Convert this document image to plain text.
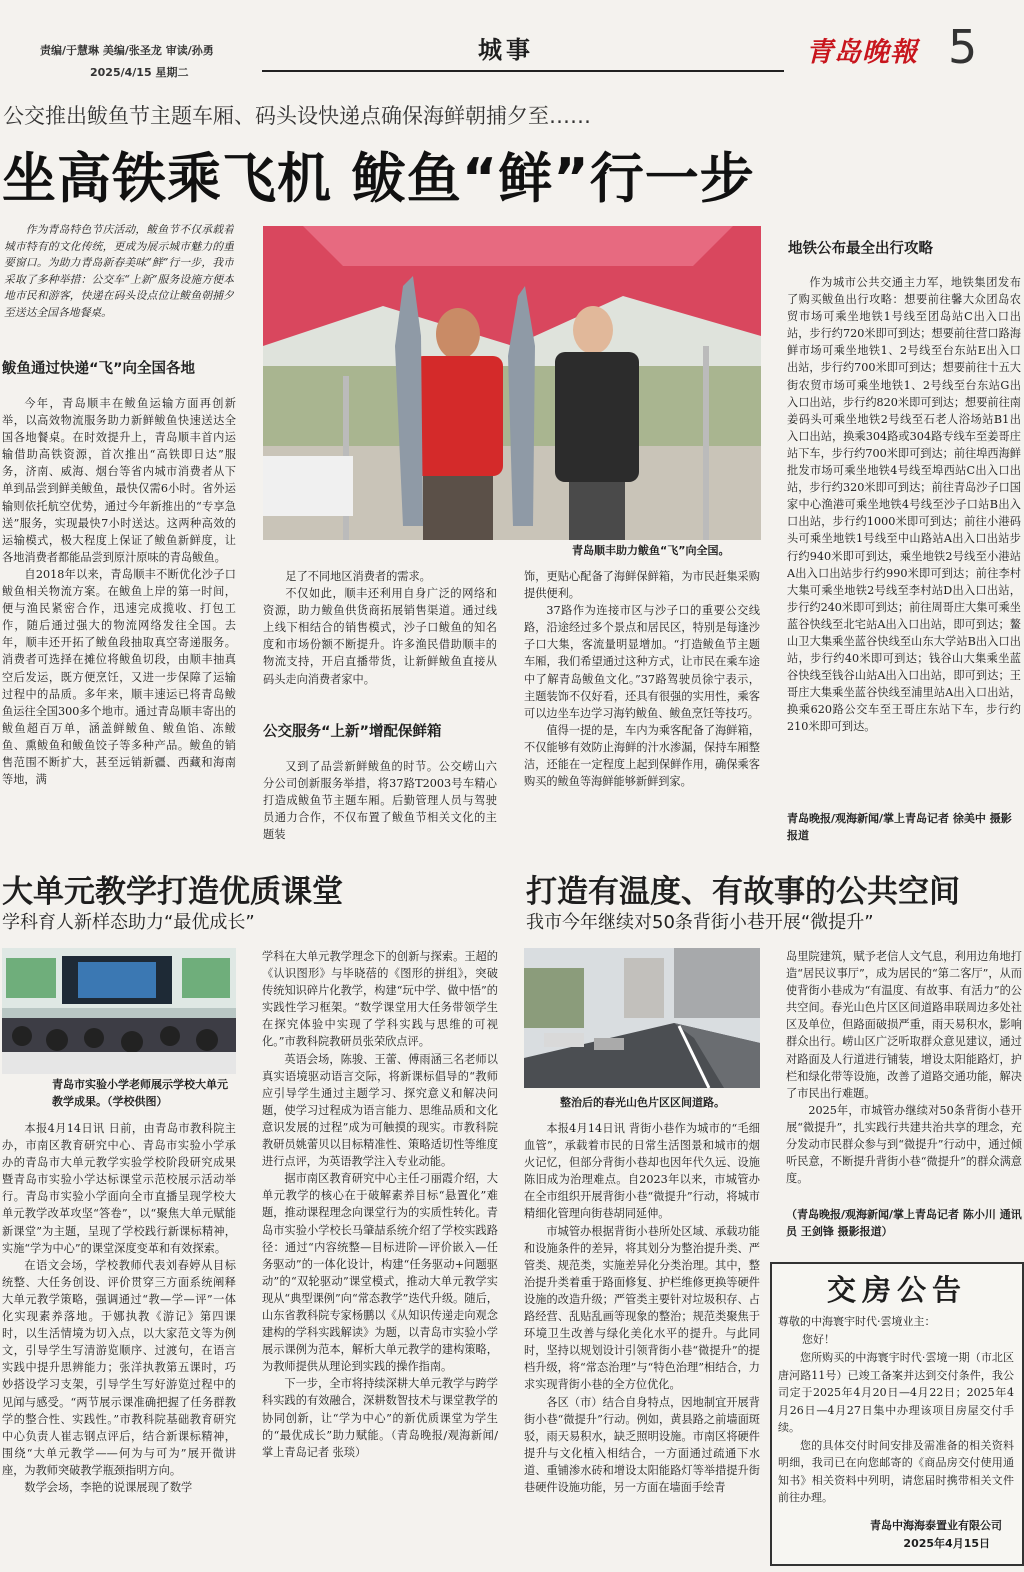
责编/于慧琳 美编/张圣龙 审读/孙勇
2025/4/15 星期二
城事	青岛晚報 5
公交推出鲅鱼节主题车厢、码头设快递点确保海鲜朝捕夕至……
坐高铁乘飞机 鲅鱼“鲜”行一步

作为青岛特色节庆活动，鲅鱼节不仅承载着城市特有的文化传统，更成为展示城市魅力的重要窗口。为助力青岛新春美味“鲜”行一步，我市采取了多种举措：公交车“上新”服务设施方便本地市民和游客，快递在码头设点位让鲅鱼朝捕夕至送达全国各地餐桌。

鲅鱼通过快递“飞”向全国各地

今年，青岛顺丰在鲅鱼运输方面再创新举，以高效物流服务助力新鲜鲅鱼快速送达全国各地餐桌。在时效提升上，青岛顺丰首内运输借助高铁资源，首次推出“高铁即日达”服务，济南、威海、烟台等省内城市消费者从下单到品尝到鲜美鲅鱼，最快仅需6小时。省外运输则依托航空优势，通过今年新推出的“专享急送”服务，实现最快7小时送达。这两种高效的运输模式，极大程度上保证了鲅鱼新鲜度，让各地消费者都能品尝到原汁原味的青岛鲅鱼。

自2018年以来，青岛顺丰不断优化沙子口鲅鱼相关物流方案。在鲅鱼上岸的第一时间，便与渔民紧密合作，迅速完成揽收、打包工作，随后通过强大的物流网络发往全国。去年，顺丰还开拓了鲅鱼段抽取真空寄递服务。消费者可选择在摊位将鲅鱼切段，由顺丰抽真空后发运，既方便烹饪，又进一步保障了运输过程中的品质。多年来，顺丰速运已将青岛鲅鱼运往全国300多个地市。通过青岛顺丰寄出的鲅鱼超百万单，涵盖鲜鲅鱼、鲅鱼馅、冻鲅鱼、熏鲅鱼和鲅鱼饺子等多种产品。鲅鱼的销售范围不断扩大，甚至远销新疆、西藏和海南等地，满

青岛顺丰助力鲅鱼“飞”向全国。

足了不同地区消费者的需求。

不仅如此，顺丰还利用自身广泛的网络和资源，助力鲅鱼供货商拓展销售渠道。通过线上线下相结合的销售模式，沙子口鲅鱼的知名度和市场份额不断提升。许多渔民借助顺丰的物流支持，开启直播带货，让新鲜鲅鱼直接从码头走向消费者家中。

公交服务“上新”增配保鲜箱

又到了品尝新鲜鲅鱼的时节。公交崂山六分公司创新服务举措，将37路T2003号车精心打造成鲅鱼节主题车厢。后勤管理人员与驾驶员通力合作，不仅布置了鲅鱼节相关文化的主题装

饰，更贴心配备了海鲜保鲜箱，为市民赶集采购提供便利。

37路作为连接市区与沙子口的重要公交线路，沿途经过多个景点和居民区，特别是每逢沙子口大集，客流量明显增加。“打造鲅鱼节主题车厢，我们希望通过这种方式，让市民在乘车途中了解青岛鲅鱼文化。”37路驾驶员徐宁表示，主题装饰不仅好看，还具有很强的实用性，乘客可以边坐车边学习海钓鲅鱼、鲅鱼烹饪等技巧。

值得一提的是，车内为乘客配备了海鲜箱，不仅能够有效防止海鲜的汁水渗漏，保持车厢整洁，还能在一定程度上起到保鲜作用，确保乘客购买的鲅鱼等海鲜能够新鲜到家。

地铁公布最全出行攻略

作为城市公共交通主力军，地铁集团发布了购买鲅鱼出行攻略：想要前往馨大众团岛农贸市场可乘坐地铁1号线至团岛站C出入口出站，步行约720米即可到达；想要前往营口路海鲜市场可乘坐地铁1、2号线至台东站E出入口出站，步行约700米即可到达；想要前往十五大街农贸市场可乘坐地铁1、2号线至台东站G出入口出站，步行约820米即可到达；想要前往南姜码头可乘坐地铁2号线至石老人浴场站B1出入口出站，换乘304路或304路专线车至姜哥庄站下车，步行约700米即可到达；前往埠西海鲜批发市场可乘坐地铁4号线至埠西站C出入口出站，步行约320米即可到达；前往青岛沙子口国家中心渔港可乘坐地铁4号线至沙子口站B出入口出站，步行约1000米即可到达；前往小港码头可乘坐地铁1号线至中山路站A出入口出站步行约940米即可到达，乘坐地铁2号线至小港站A出入口出站步行约990米即可到达；前往李村大集可乘坐地铁2号线至李村站D出入口出站，步行约240米即可到达；前往周哥庄大集可乘坐蓝谷快线至北宅站A出入口出站，即可到达；鳌山卫大集乘坐蓝谷快线至山东大学站B出入口出站，步行约40米即可到达；钱谷山大集乘坐蓝谷快线至钱谷山站A出入口出站，即可到达；王哥庄大集乘坐蓝谷快线至浦里站A出入口出站，换乘620路公交车至王哥庄东站下车，步行约210米即可到达。

青岛晚报/观海新闻/掌上青岛记者 徐美中 摄影报道
大单元教学打造优质课堂
学科育人新样态助力“最优成长”
青岛市实验小学老师展示学校大单元教学成果。（学校供图）

本报4月14日讯 日前，由青岛市教科院主办，市南区教育研究中心、青岛市实验小学承办的青岛市大单元教学实验学校阶段研究成果暨青岛市实验小学达标课堂示范校展示活动举行。青岛市实验小学面向全市直播呈现学校大单元教学改革攻坚“答卷”，以“聚焦大单元赋能新课堂”为主题，呈现了学校践行新课标精神，实施“学为中心”的课堂深度变革和有效探索。

在语文会场，学校教师代表刘春婷从目标统整、大任务创设、评价贯穿三方面系统阐释大单元教学策略，强调通过“教—学—评”一体化实现素养落地。于娜执教《游记》第四课时，以生活情境为切入点，以大家范文等为例文，引导学生写清游览顺序、过渡句，在语言实践中提升思辨能力；张洋执教第五课时，巧妙搭设学习支架，引导学生写好游览过程中的见闻与感受。“两节展示课准确把握了任务群教学的整合性、实践性。”市教科院基础教育研究中心负责人崔志钢点评后，结合新课标精神，围绕“大单元教学——何为与可为”展开微讲座，为教师突破教学瓶颈指明方向。

数学会场，李艳的说课展现了数学

学科在大单元教学理念下的创新与探索。王超的《认识图形》与毕晓蓓的《图形的拼组》，突破传统知识碎片化教学，构建“玩中学、做中悟”的实践性学习框架。“数学课堂用大任务带领学生在探究体验中实现了学科实践与思维的可视化。”市教科院教研员张荣欣点评。

英语会场，陈骏、王蕾、傅雨涵三名老师以真实语境驱动语言交际，将新课标倡导的“教师应引导学生通过主题学习、探究意义和解决问题，使学习过程成为语言能力、思维品质和文化意识发展的过程”成为可触摸的现实。市教科院教研员姚蕾贝以目标精准性、策略适切性等维度进行点评，为英语教学注入专业动能。

据市南区教育研究中心主任刁丽霞介绍，大单元教学的核心在于破解素养目标“悬置化”难题，推动课程理念向课堂行为的实质性转化。青岛市实验小学校长马肇喆系统介绍了学校实践路径：通过“内容统整—目标进阶—评价嵌入—任务驱动”的一体化设计，构建“任务驱动+问题驱动”的“双轮驱动”课堂模式，推动大单元教学实现从“典型课例”向“常态教学”迭代升级。随后，山东省教科院专家杨鹏以《从知识传递走向观念建构的学科实践解读》为题，以青岛市实验小学展示课例为范本，解析大单元教学的建构策略，为教师提供从理论到实践的操作指南。

下一步，全市将持续深耕大单元教学与跨学科实践的有效融合，深耕数智技术与课堂教学的协同创新，让“学为中心”的新优质课堂为学生的“最优成长”助力赋能。（青岛晚报/观海新闻/掌上青岛记者 张琰）

打造有温度、有故事的公共空间
我市今年继续对50条背街小巷开展“微提升”
整治后的春光山色片区区间道路。

本报4月14日讯 背街小巷作为城市的“毛细血管”，承载着市民的日常生活图景和城市的烟火记忆，但部分背街小巷却也因年代久远、设施陈旧成为治理难点。自2023年以来，市城管办在全市组织开展背街小巷“微提升”行动，将城市精细化管理向街巷胡同延伸。

市城管办根据背街小巷所处区域、承载功能和设施条件的差异，将其划分为整治提升类、严管类、规范类，实施差异化分类治理。其中，整治提升类着重于路面修复、护栏维修更换等硬件设施的改造升级；严管类主要针对垃圾积存、占路经营、乱贴乱画等现象的整治；规范类聚焦于环境卫生改善与绿化美化水平的提升。与此同时，坚持以规划设计引领背街小巷“微提升”的提档升级，将“常态治理”与“特色治理”相结合，力求实现背街小巷的全方位优化。

各区（市）结合自身特点，因地制宜开展背街小巷“微提升”行动。例如，黄县路之前墙面斑驳，雨天易积水，缺乏照明设施。市南区将硬件提升与文化植入相结合，一方面通过疏通下水道、重铺渗水砖和增设太阳能路灯等举措提升街巷硬件设施功能，另一方面在墙面手绘青

岛里院建筑，赋予老信人文气息，利用边角地打造“居民议事厅”，成为居民的“第二客厅”，从而使背街小巷成为“有温度、有故事、有活力”的公共空间。春光山色片区区间道路串联周边多处社区及单位，但路面破损严重，雨天易积水，影响群众出行。崂山区广泛听取群众意见建议，通过对路面及人行道进行铺装，增设太阳能路灯，护栏和绿化带等设施，改善了道路交通功能，解决了市民出行难题。

2025年，市城管办继续对50条背街小巷开展“微提升”，扎实践行共建共治共享的理念，充分发动市民群众参与到“微提升”行动中，通过倾听民意，不断提升背街小巷“微提升”的群众满意度。

（青岛晚报/观海新闻/掌上青岛记者 陈小川 通讯员 王剑锋 摄影报道）
交房公告
尊敬的中海寰宇时代·雲境业主：
您好！

您所购买的中海寰宇时代·雲境一期（市北区唐河路11号）已竣工备案并达到交付条件，我公司定于2025年4月20日—4月22日；2025年4月26日—4月27日集中办理该项目房屋交付手续。

您的具体交付时间安排及需准备的相关资料明细，我司已在向您邮寄的《商品房交付使用通知书》相关资料中列明，请您届时携带相关文件前往办理。

青岛中海海泰置业有限公司
2025年4月15日
